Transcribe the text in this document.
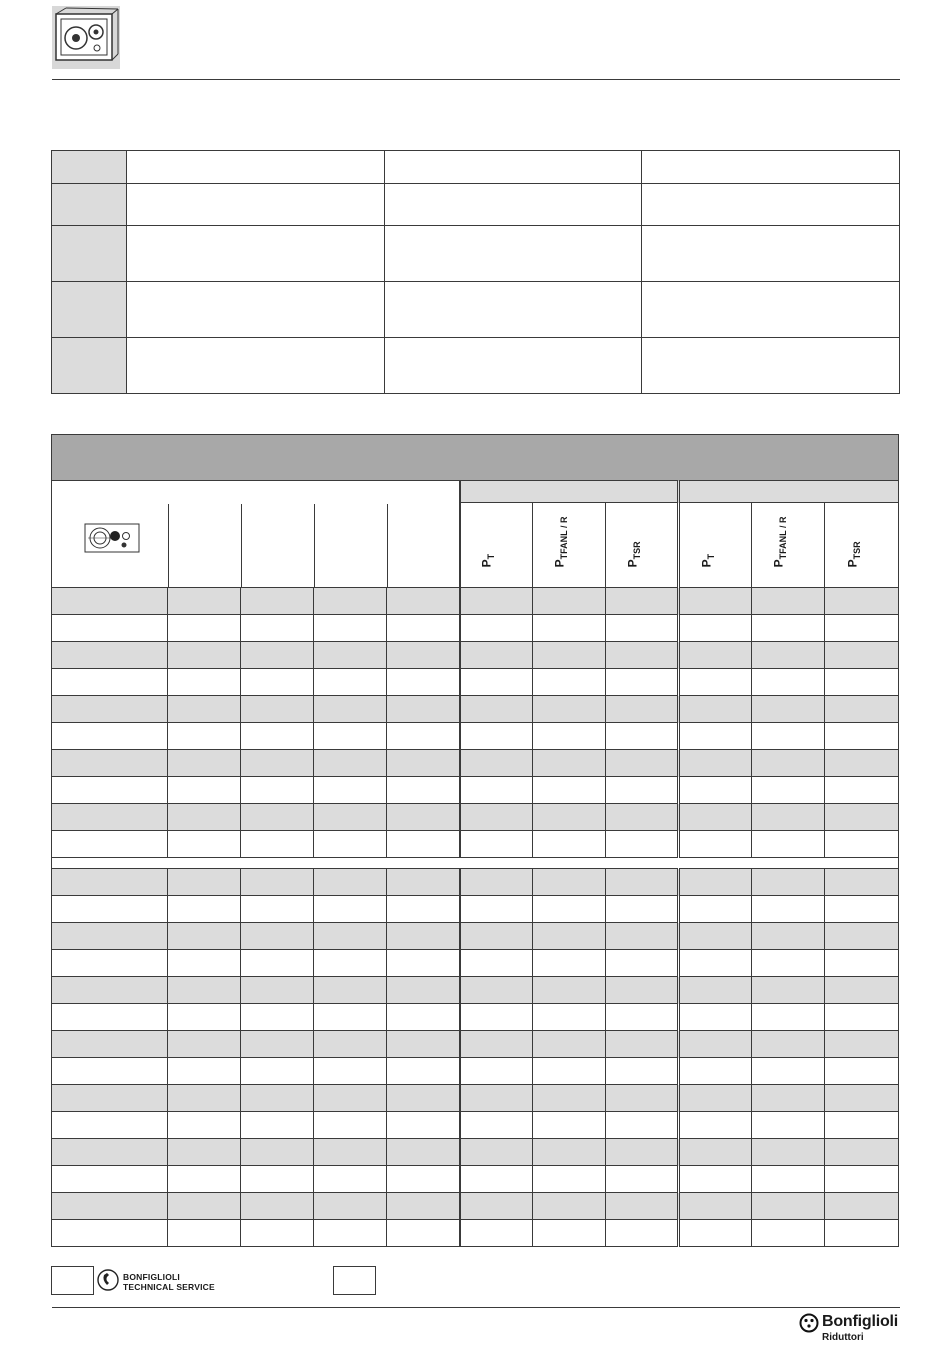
					$P_T$	$P_{TFANL / R}$	$P_{TSR}$	$P_T$	$P_{TFANL / R}$	$P_{TSR}$

BONFIGLIOLI
TECHNICAL SERVICE
Bonfiglioli
Riduttori
